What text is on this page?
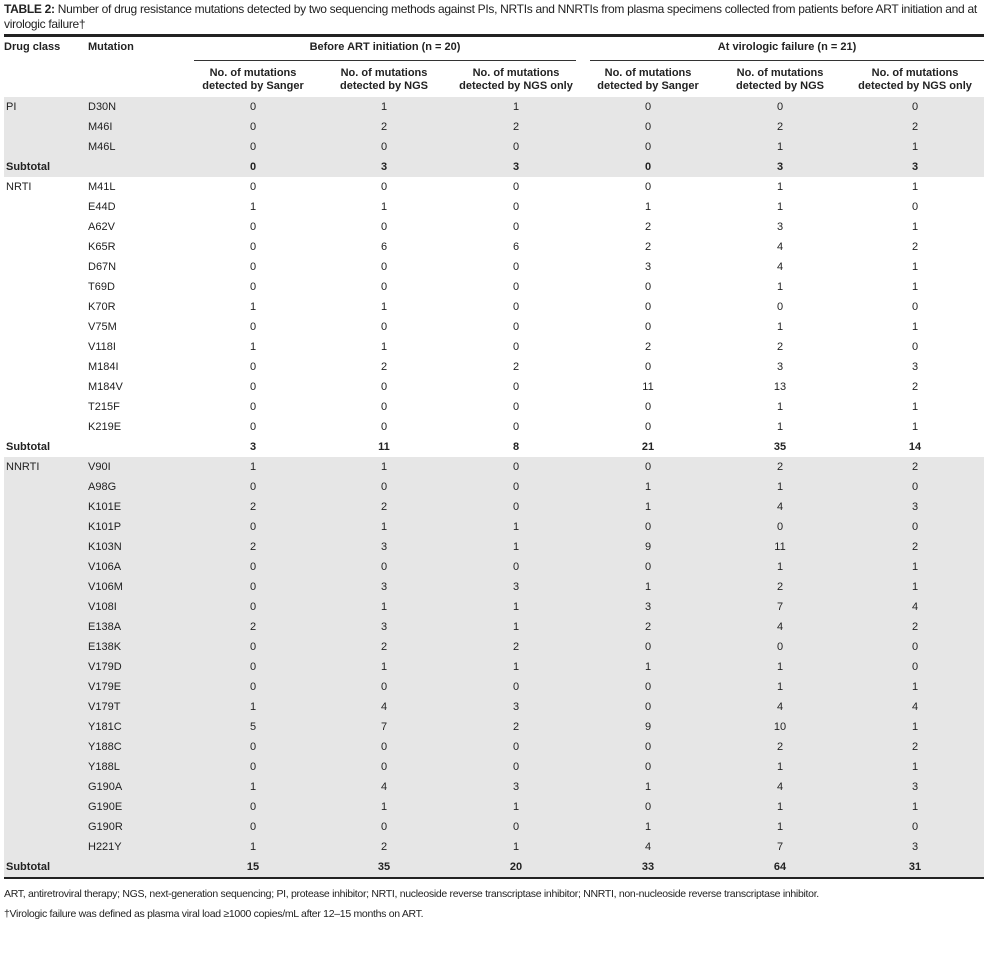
TABLE 2: Number of drug resistance mutations detected by two sequencing methods against PIs, NRTIs and NNRTIs from plasma specimens collected from patients before ART initiation and at virologic failure†
Drug class	Mutation	Before ART initiation (n = 20)			At virologic failure (n = 21)		

		No. of mutations detected by Sanger	No. of mutations detected by NGS	No. of mutations detected by NGS only	No. of mutations detected by Sanger	No. of mutations detected by NGS	No. of mutations detected by NGS only
PI	D30N	0	1	1	0	0	0
	M46I	0	2	2	0	2	2
	M46L	0	0	0	0	1	1
Subtotal		0	3	3	0	3	3
NRTI	M41L	0	0	0	0	1	1
	E44D	1	1	0	1	1	0
	A62V	0	0	0	2	3	1
	K65R	0	6	6	2	4	2
	D67N	0	0	0	3	4	1
	T69D	0	0	0	0	1	1
	K70R	1	1	0	0	0	0
	V75M	0	0	0	0	1	1
	V118I	1	1	0	2	2	0
	M184I	0	2	2	0	3	3
	M184V	0	0	0	11	13	2
	T215F	0	0	0	0	1	1
	K219E	0	0	0	0	1	1
Subtotal		3	11	8	21	35	14
NNRTI	V90I	1	1	0	0	2	2
	A98G	0	0	0	1	1	0
	K101E	2	2	0	1	4	3
	K101P	0	1	1	0	0	0
	K103N	2	3	1	9	11	2
	V106A	0	0	0	0	1	1
	V106M	0	3	3	1	2	1
	V108I	0	1	1	3	7	4
	E138A	2	3	1	2	4	2
	E138K	0	2	2	0	0	0
	V179D	0	1	1	1	1	0
	V179E	0	0	0	0	1	1
	V179T	1	4	3	0	4	4
	Y181C	5	7	2	9	10	1
	Y188C	0	0	0	0	2	2
	Y188L	0	0	0	0	1	1
	G190A	1	4	3	1	4	3
	G190E	0	1	1	0	1	1
	G190R	0	0	0	1	1	0
	H221Y	1	2	1	4	7	3
Subtotal		15	35	20	33	64	31
ART, antiretroviral therapy; NGS, next-generation sequencing; PI, protease inhibitor; NRTI, nucleoside reverse transcriptase inhibitor; NNRTI, non-nucleoside reverse transcriptase inhibitor.
†Virologic failure was defined as plasma viral load ≥1000 copies/mL after 12–15 months on ART.
